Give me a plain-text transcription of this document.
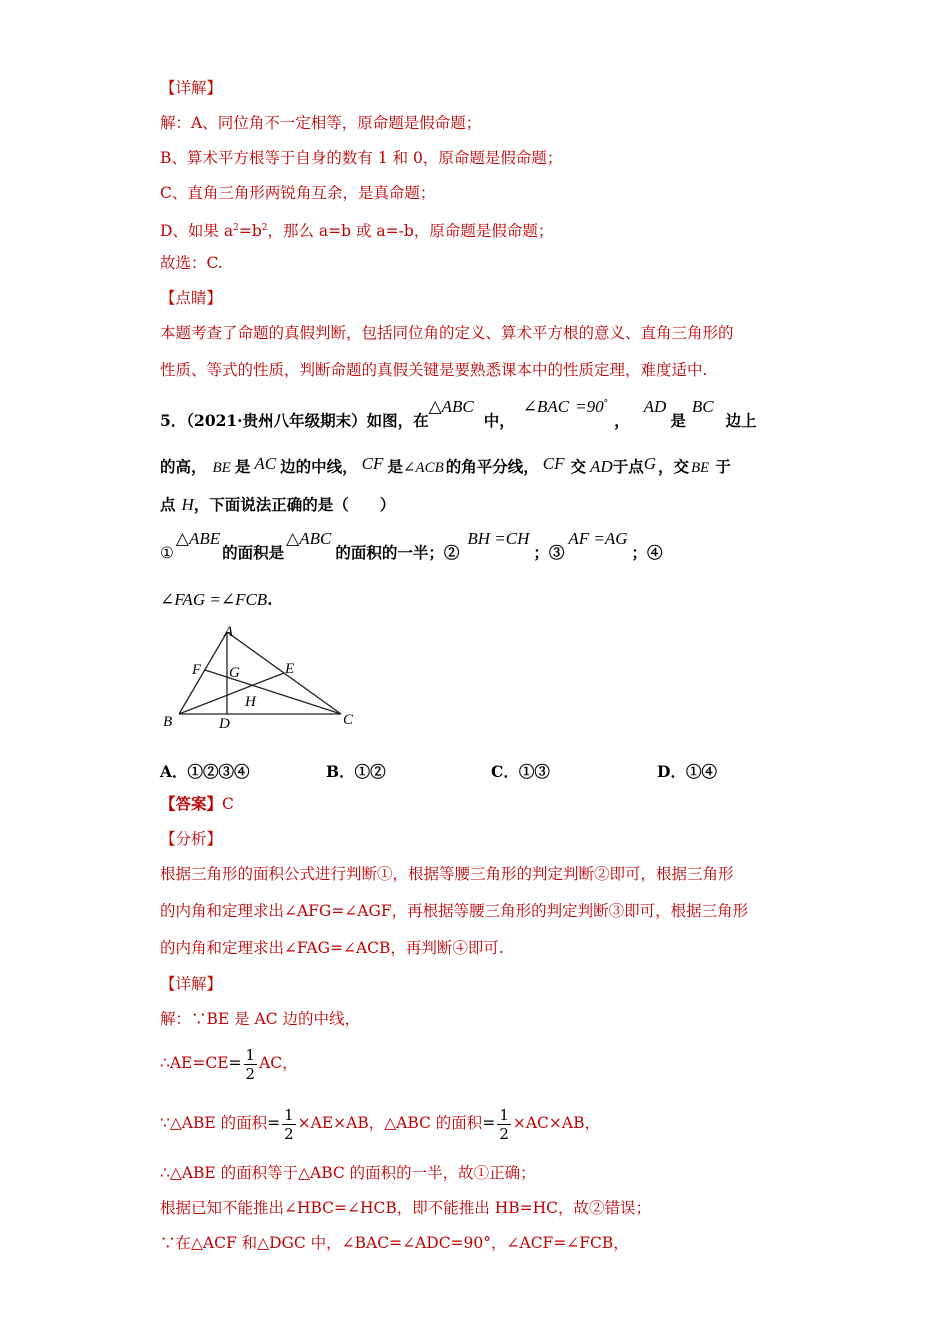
【详解】
解：A、同位角不一定相等，原命题是假命题；
B、算术平方根等于自身的数有 1 和 0，原命题是假命题；
C、直角三角形两锐角互余，是真命题；
D、如果 $a^2=b^2$，那么 a=b 或 a=-b，原命题是假命题；
故选：C.
【点睛】
本题考查了命题的真假判断，包括同位角的定义、算术平方根的意义、直角三角形的
性质、等式的性质，判断命题的真假关键是要熟悉课本中的性质定理，难度适中.
5．（2021·贵州八年级期末）如图，在△ABC中，∠BAC =90°，AD是BC边上
的高， BE 是 AC 边的中线， CF 是∠ACB 的角平分线， CF 交 AD于点G ，交 BE 于
点 H，下面说法正确的是（　　）
①△ABE的面积是△ABC的面积的一半；②BH =CH；③AF =AG；④
∠FAG =∠FCB.
A
F G	E
H
B	D	C
A．①②③④	B．①②	C．①③	D．①④
【答案】C
【分析】
根据三角形的面积公式进行判断①，根据等腰三角形的判定判断②即可，根据三角形
的内角和定理求出∠AFG=∠AGF，再根据等腰三角形的判定判断③即可，根据三角形
的内角和定理求出∠FAG=∠ACB，再判断④即可.
【详解】
解：∵BE 是 AC 边的中线，
∴AE=CE= $\frac{1}{2}$ AC，
∵△ABE 的面积= $\frac{1}{2} \times AE\times AB$，△ABC 的面积= $\frac{1}{2} \times AC\times AB$，
∴△ABE 的面积等于△ABC 的面积的一半，故①正确；
根据已知不能推出∠HBC=∠HCB，即不能推出 HB=HC，故②错误；
∵在△ACF 和△DGC 中，∠BAC=∠ADC=90°，∠ACF=∠FCB，
